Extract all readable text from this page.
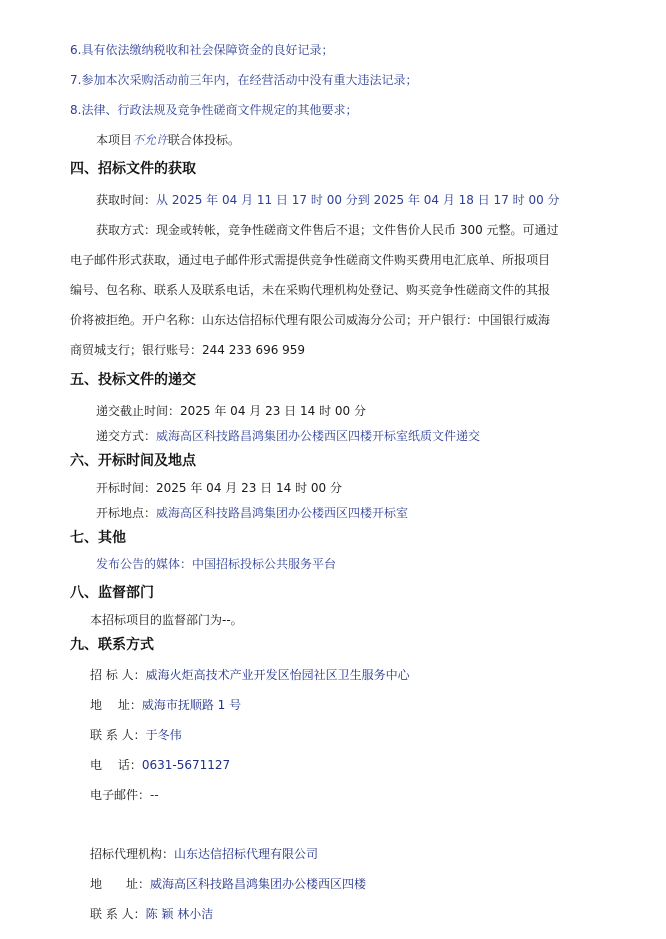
6.具有依法缴纳税收和社会保障资金的良好记录；
7.参加本次采购活动前三年内，在经营活动中没有重大违法记录；
8.法律、行政法规及竞争性磋商文件规定的其他要求；
本项目不允许联合体投标。
四、招标文件的获取
获取时间：从 2025 年 04 月 11 日 17 时 00 分到 2025 年 04 月 18 日 17 时 00 分
获取方式：现金或转帐，竞争性磋商文件售后不退；文件售价人民币 300 元整。可通过
电子邮件形式获取，通过电子邮件形式需提供竞争性磋商文件购买费用电汇底单、所报项目
编号、包名称、联系人及联系电话，未在采购代理机构处登记、购买竞争性磋商文件的其报
价将被拒绝。开户名称：山东达信招标代理有限公司威海分公司；开户银行：中国银行威海
商贸城支行；银行账号：244 233 696 959
五、投标文件的递交
递交截止时间：2025 年 04 月 23 日 14 时 00 分
递交方式：威海高区科技路昌鸿集团办公楼西区四楼开标室纸质文件递交
六、开标时间及地点
开标时间：2025 年 04 月 23 日 14 时 00 分
开标地点：威海高区科技路昌鸿集团办公楼西区四楼开标室
七、其他
发布公告的媒体：中国招标投标公共服务平台
八、监督部门
本招标项目的监督部门为--。
九、联系方式
招 标 人：威海火炬高技术产业开发区怡园社区卫生服务中心
地　 址：威海市抚顺路 1 号
联 系 人：于冬伟
电　 话：0631-5671127
电子邮件：--
招标代理机构：山东达信招标代理有限公司
地　　址：威海高区科技路昌鸿集团办公楼西区四楼
联 系 人：陈 颖 林小洁
